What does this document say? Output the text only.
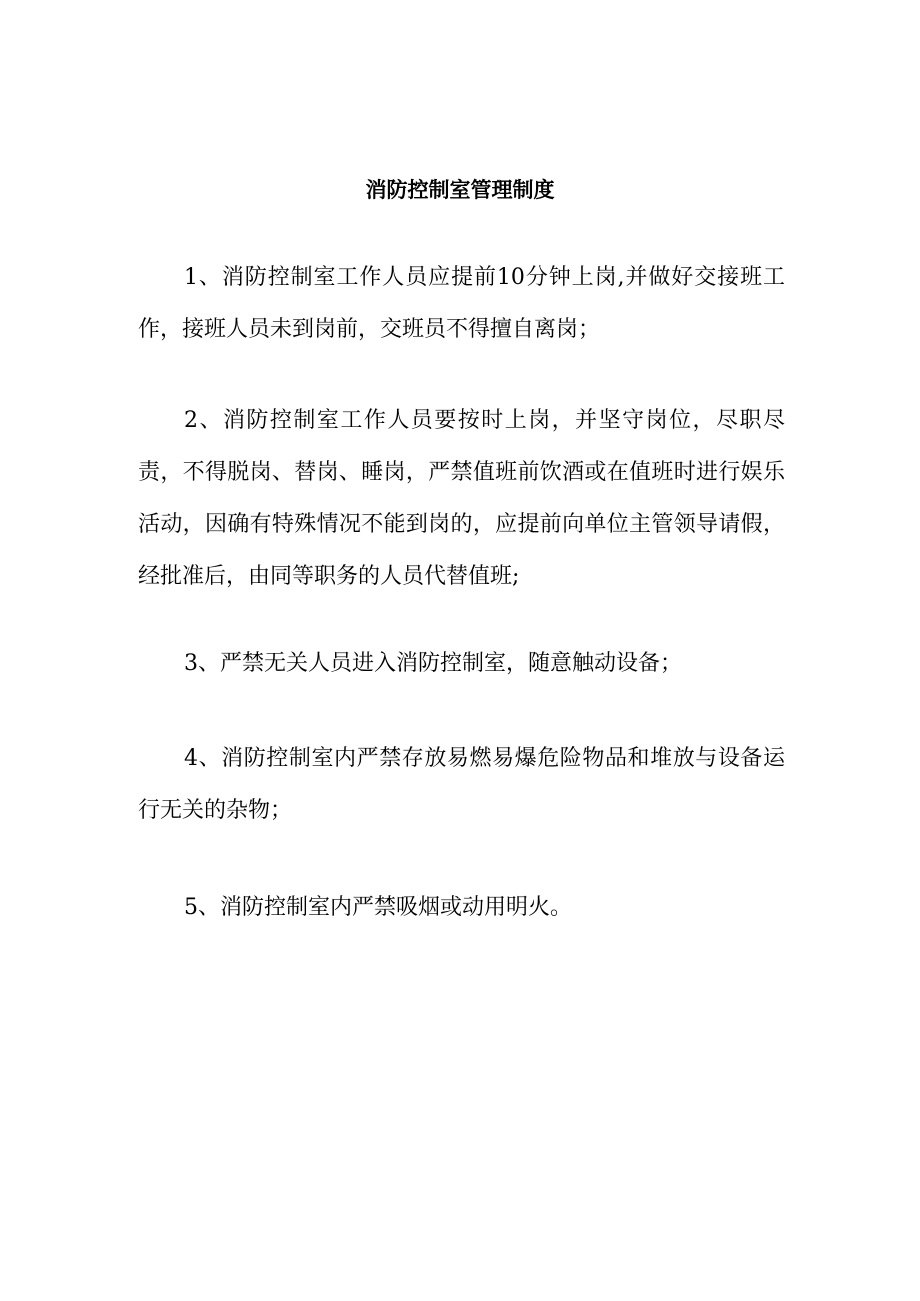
消防控制室管理制度

1、消防控制室工作人员应提前10分钟上岗,并做好交接班工作，接班人员未到岗前，交班员不得擅自离岗；

2、消防控制室工作人员要按时上岗，并坚守岗位，尽职尽责，不得脱岗、替岗、睡岗，严禁值班前饮酒或在值班时进行娱乐活动，因确有特殊情况不能到岗的，应提前向单位主管领导请假，经批准后，由同等职务的人员代替值班;

3、严禁无关人员进入消防控制室，随意触动设备；

4、消防控制室内严禁存放易燃易爆危险物品和堆放与设备运行无关的杂物；

5、消防控制室内严禁吸烟或动用明火。
